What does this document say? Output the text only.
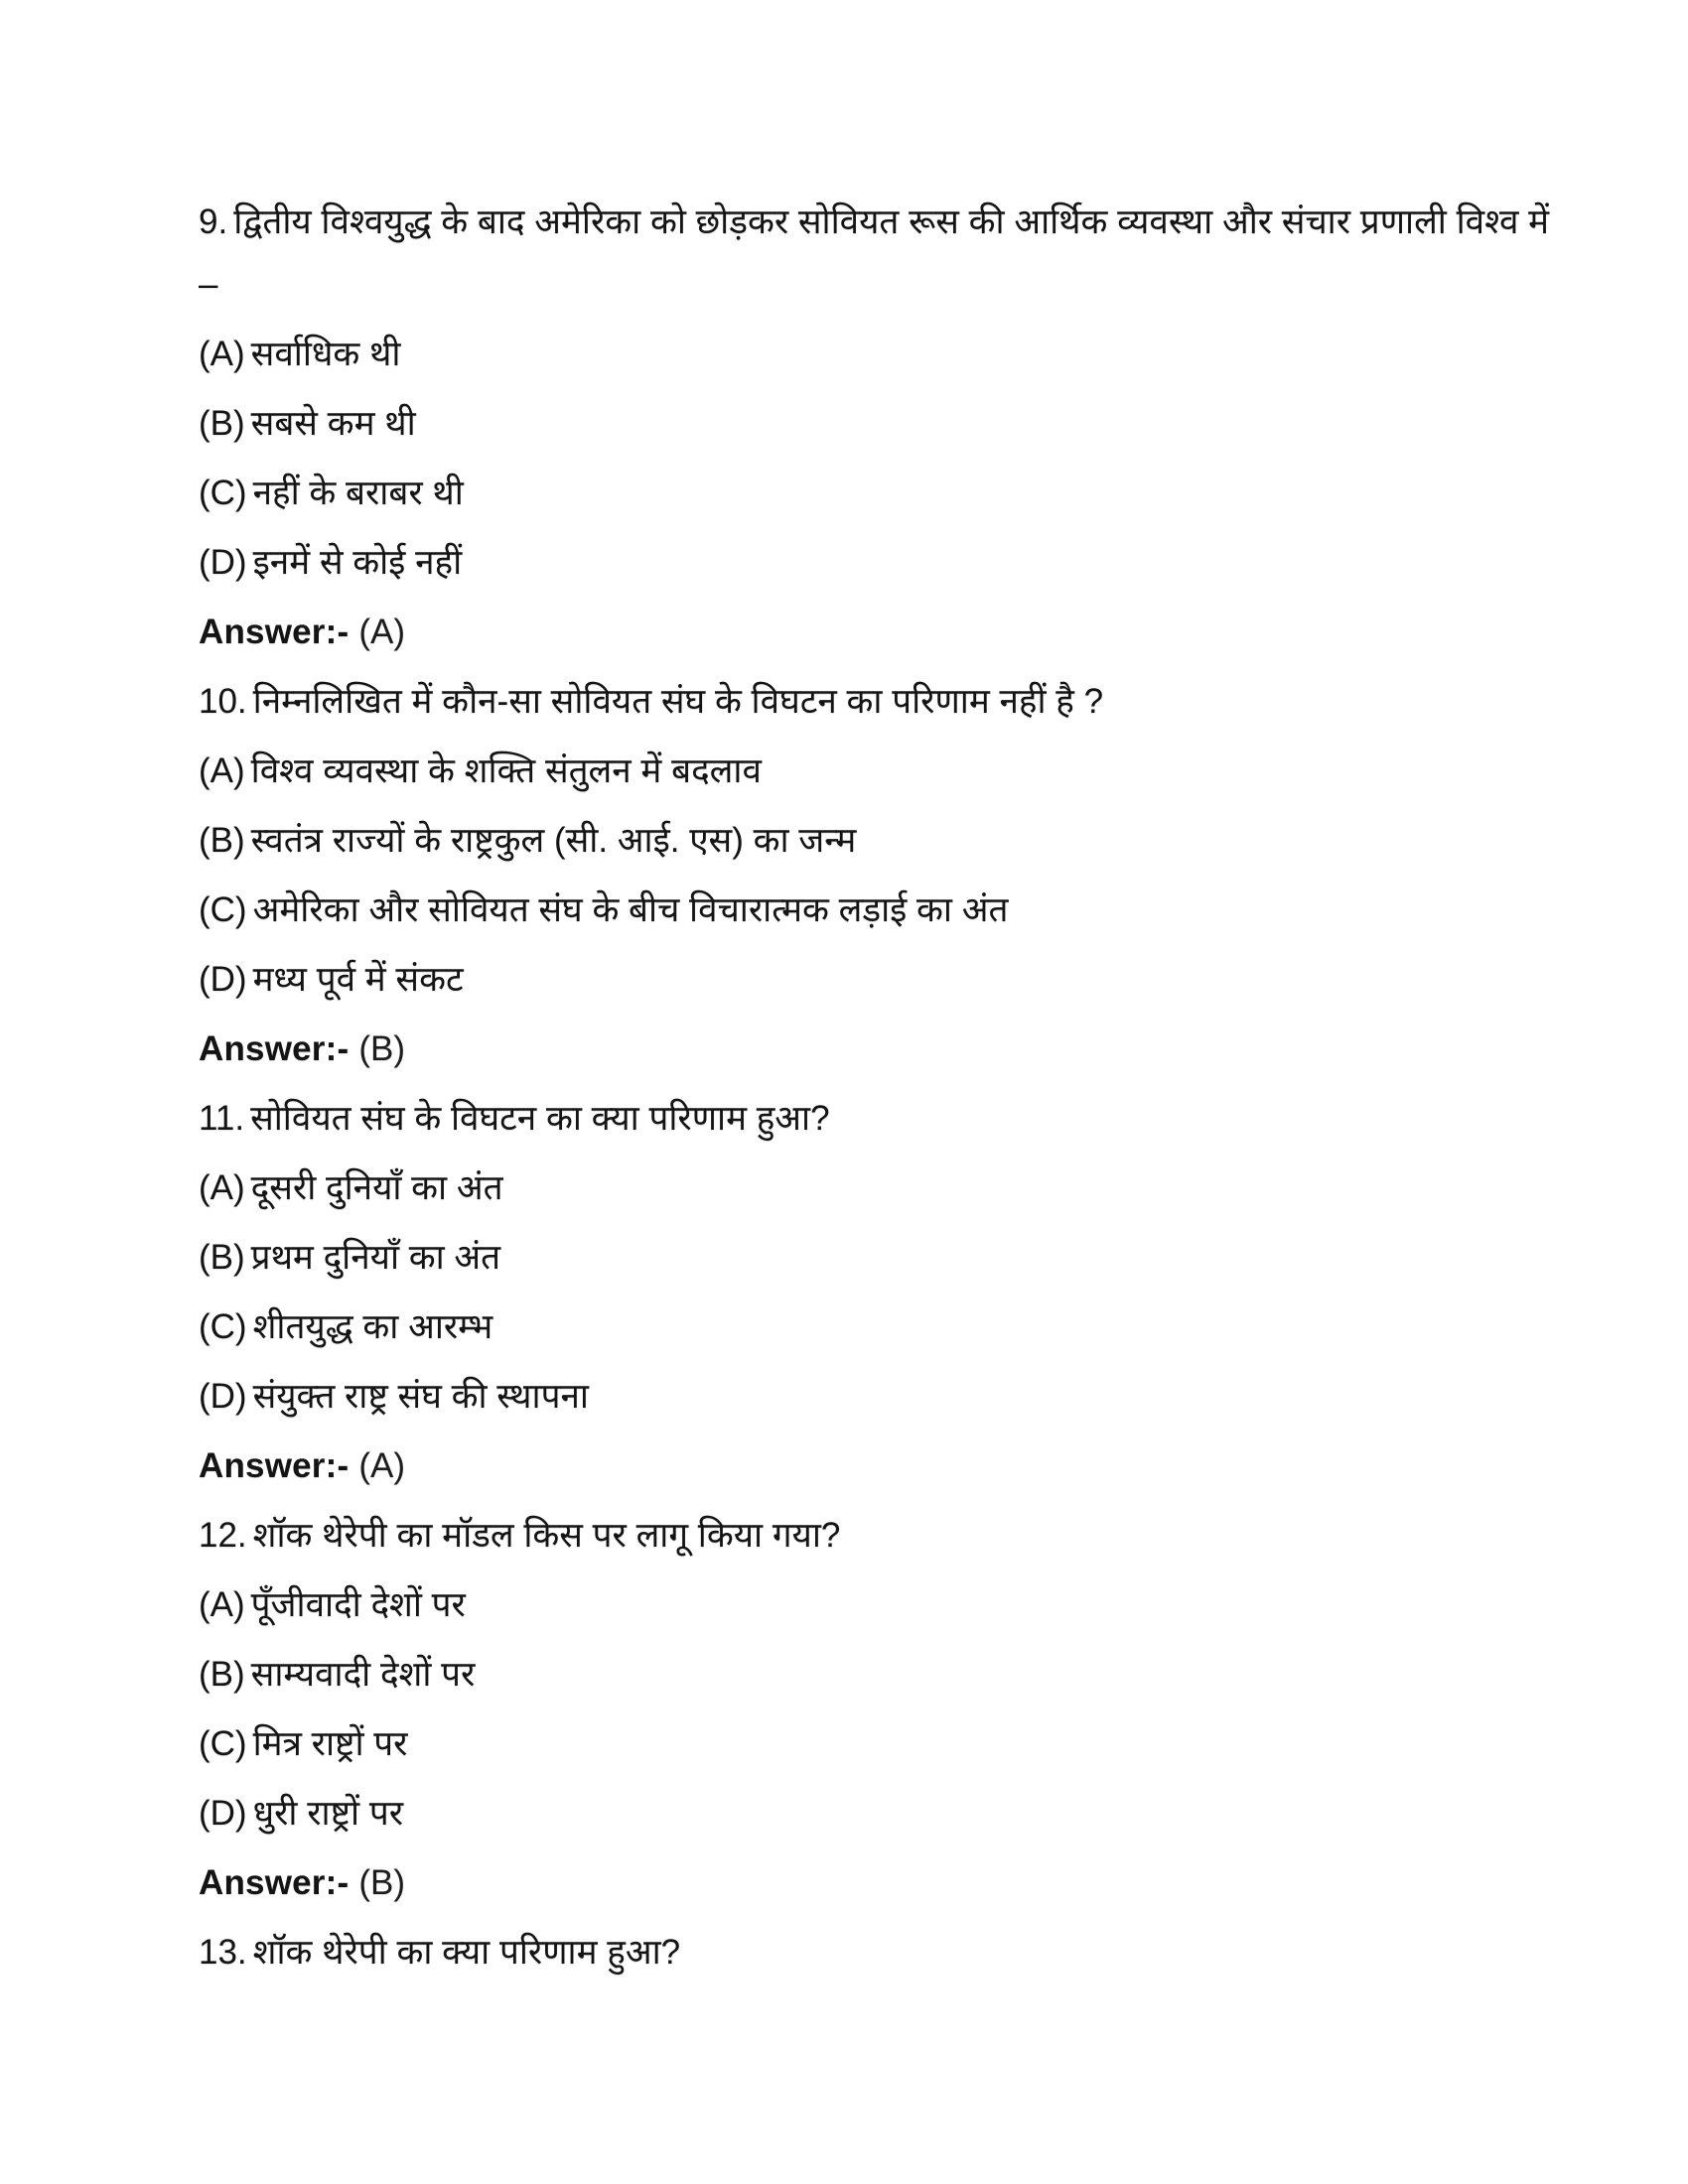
9. द्वितीय विश्वयुद्ध के बाद अमेरिका को छोड़कर सोवियत रूस की आर्थिक व्यवस्था और संचार प्रणाली विश्व में –

(A) सर्वाधिक थी

(B) सबसे कम थी

(C) नहीं के बराबर थी

(D) इनमें से कोई नहीं

Answer:- (A)

10. निम्नलिखित में कौन-सा सोवियत संघ के विघटन का परिणाम नहीं है ?

(A) विश्व व्यवस्था के शक्ति संतुलन में बदलाव

(B) स्वतंत्र राज्यों के राष्ट्रकुल (सी. आई. एस) का जन्म

(C) अमेरिका और सोवियत संघ के बीच विचारात्मक लड़ाई का अंत

(D) मध्य पूर्व में संकट

Answer:- (B)

11. सोवियत संघ के विघटन का क्या परिणाम हुआ?

(A) दूसरी दुनियाँ का अंत

(B) प्रथम दुनियाँ का अंत

(C) शीतयुद्ध का आरम्भ

(D) संयुक्त राष्ट्र संघ की स्थापना

Answer:- (A)

12. शॉक थेरेपी का मॉडल किस पर लागू किया गया?

(A) पूँजीवादी देशों पर

(B) साम्यवादी देशों पर

(C) मित्र राष्ट्रों पर

(D) धुरी राष्ट्रों पर

Answer:- (B)

13. शॉक थेरेपी का क्या परिणाम हुआ?
